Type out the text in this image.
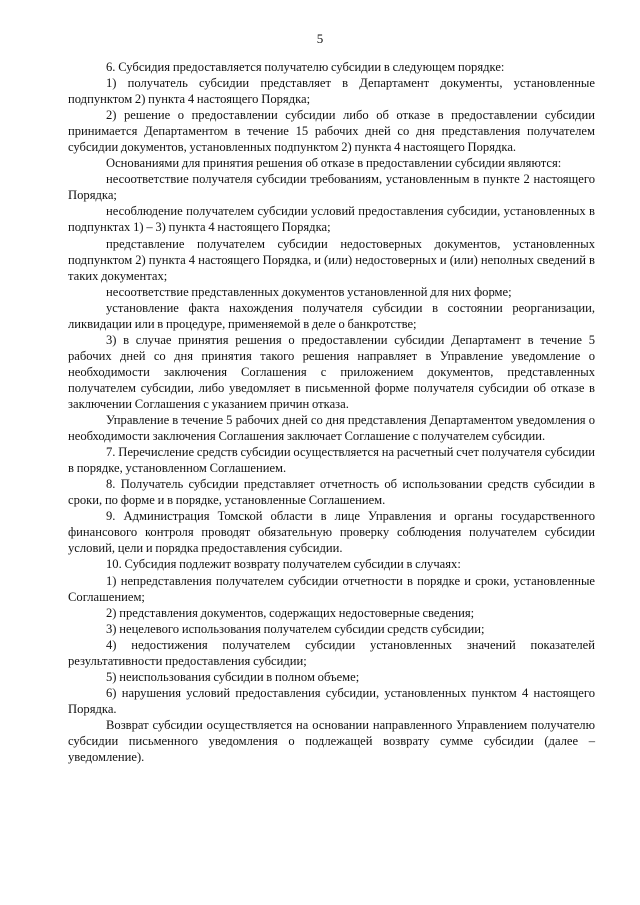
5

6. Субсидия предоставляется получателю субсидии в следующем порядке:

1) получатель субсидии представляет в Департамент документы, установленные подпунктом 2) пункта 4 настоящего Порядка;

2) решение о предоставлении субсидии либо об отказе в предоставлении субсидии принимается Департаментом в течение 15 рабочих дней со дня представления получателем субсидии документов, установленных подпунктом 2) пункта 4 настоящего Порядка.

Основаниями для принятия решения об отказе в предоставлении субсидии являются:

несоответствие получателя субсидии требованиям, установленным в пункте 2 настоящего Порядка;

несоблюдение получателем субсидии условий предоставления субсидии, установленных в подпунктах 1) – 3) пункта 4 настоящего Порядка;

представление получателем субсидии недостоверных документов, установленных подпунктом 2) пункта 4 настоящего Порядка, и (или) недостоверных и (или) неполных сведений в таких документах;

несоответствие представленных документов установленной для них форме;

установление факта нахождения получателя субсидии в состоянии реорганизации, ликвидации или в процедуре, применяемой в деле о банкротстве;

3) в случае принятия решения о предоставлении субсидии Департамент в течение 5 рабочих дней со дня принятия такого решения направляет в Управление уведомление о необходимости заключения Соглашения с приложением документов, представленных получателем субсидии, либо уведомляет в письменной форме получателя субсидии об отказе в заключении Соглашения с указанием причин отказа.

Управление в течение 5 рабочих дней со дня представления Департаментом уведомления о необходимости заключения Соглашения заключает Соглашение с получателем субсидии.

7. Перечисление средств субсидии осуществляется на расчетный счет получателя субсидии в порядке, установленном Соглашением.

8. Получатель субсидии представляет отчетность об использовании средств субсидии в сроки, по форме и в порядке, установленные Соглашением.

9. Администрация Томской области в лице Управления и органы государственного финансового контроля проводят обязательную проверку соблюдения получателем субсидии условий, цели и порядка предоставления субсидии.

10. Субсидия подлежит возврату получателем субсидии в случаях:

1) непредставления получателем субсидии отчетности в порядке и сроки, установленные Соглашением;

2) представления документов, содержащих недостоверные сведения;

3) нецелевого использования получателем субсидии средств субсидии;

4) недостижения получателем субсидии установленных значений показателей результативности предоставления субсидии;

5) неиспользования субсидии в полном объеме;

6) нарушения условий предоставления субсидии, установленных пунктом 4 настоящего Порядка.

Возврат субсидии осуществляется на основании направленного Управлением получателю субсидии письменного уведомления о подлежащей возврату сумме субсидии (далее – уведомление).
